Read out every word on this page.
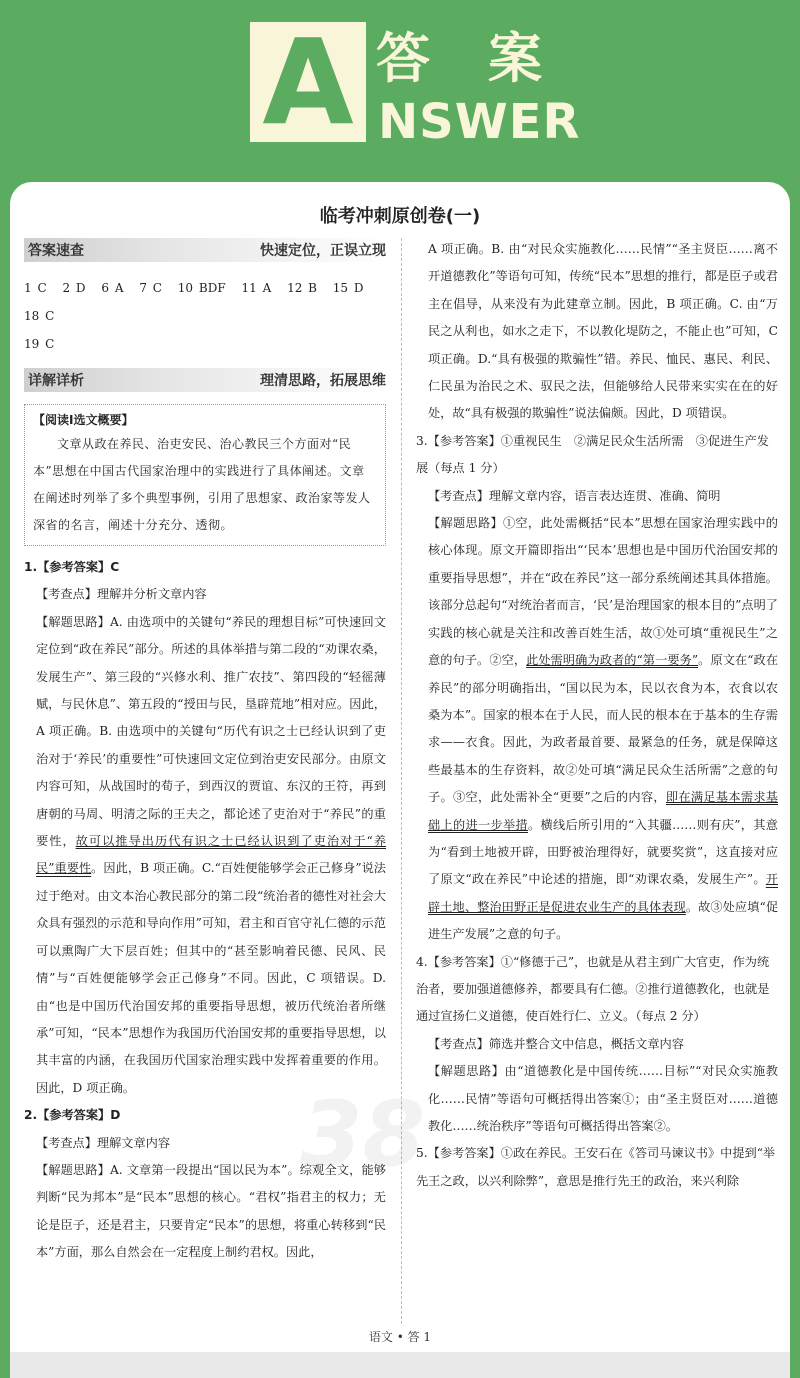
A 答案
NSWER
临考冲刺原创卷(一)
答案速查	快速定位，正误立现
1 C 2 D 6 A 7 C 10 BDF 11 A 12 B 15 D 18 C
19 C
详解详析	理清思路，拓展思维
【阅读Ⅰ选文概要】
文章从政在养民、治吏安民、治心教民三个方面对“民本”思想在中国古代国家治理中的实践进行了具体阐述。文章在阐述时列举了多个典型事例，引用了思想家、政治家等发人深省的名言，阐述十分充分、透彻。
1.【参考答案】C
【考查点】理解并分析文章内容
【解题思路】A. 由选项中的关键句“养民的理想目标”可快速回文定位到“政在养民”部分。所述的具体举措与第二段的“劝课农桑，发展生产”、第三段的“兴修水利、推广农技”、第四段的“轻徭薄赋，与民休息”、第五段的“授田与民，垦辟荒地”相对应。因此，A 项正确。B. 由选项中的关键句“历代有识之士已经认识到了吏治对于‘养民’的重要性”可快速回文定位到治吏安民部分。由原文内容可知，从战国时的荀子，到西汉的贾谊、东汉的王符，再到唐朝的马周、明清之际的王夫之，都论述了吏治对于“养民”的重要性，故可以推导出历代有识之士已经认识到了吏治对于“养民”重要性。因此，B 项正确。C.“百姓便能够学会正己修身”说法过于绝对。由文本治心教民部分的第二段“统治者的德性对社会大众具有强烈的示范和导向作用”可知，君主和百官守礼仁德的示范可以熏陶广大下层百姓；但其中的“甚至影响着民德、民风、民情”与“百姓便能够学会正己修身”不同。因此，C 项错误。D. 由“也是中国历代治国安邦的重要指导思想，被历代统治者所继承”可知，“民本”思想作为我国历代治国安邦的重要指导思想，以其丰富的内涵，在我国历代国家治理实践中发挥着重要的作用。因此，D 项正确。
2.【参考答案】D
【考查点】理解文章内容
【解题思路】A. 文章第一段提出“国以民为本”。综观全文，能够判断“民为邦本”是“民本”思想的核心。“君权”指君主的权力；无论是臣子，还是君主，只要肯定“民本”的思想，将重心转移到“民本”方面，那么自然会在一定程度上制约君权。因此，
A 项正确。B. 由“对民众实施教化……民情”“圣主贤臣……离不开道德教化”等语句可知，传统“民本”思想的推行，都是臣子或君主在倡导，从来没有为此建章立制。因此，B 项正确。C. 由“万民之从利也，如水之走下，不以教化堤防之，不能止也”可知，C 项正确。D.“具有极强的欺骗性”错。养民、恤民、惠民、利民、仁民虽为治民之术、驭民之法，但能够给人民带来实实在在的好处，故“具有极强的欺骗性”说法偏颇。因此，D 项错误。
3.【参考答案】①重视民生　②满足民众生活所需　③促进生产发展（每点 1 分）
【考查点】理解文章内容，语言表达连贯、准确、简明
【解题思路】①空，此处需概括“民本”思想在国家治理实践中的核心体现。原文开篇即指出“‘民本’思想也是中国历代治国安邦的重要指导思想”，并在“政在养民”这一部分系统阐述其具体措施。该部分总起句“对统治者而言，‘民’是治理国家的根本目的”点明了实践的核心就是关注和改善百姓生活，故①处可填“重视民生”之意的句子。②空，此处需明确为政者的“第一要务”。原文在“政在养民”的部分明确指出，“国以民为本，民以衣食为本，衣食以农桑为本”。国家的根本在于人民，而人民的根本在于基本的生存需求——衣食。因此，为政者最首要、最紧急的任务，就是保障这些最基本的生存资料，故②处可填“满足民众生活所需”之意的句子。③空，此处需补全“更要”之后的内容，即在满足基本需求基础上的进一步举措。横线后所引用的“入其疆……则有庆”，其意为“看到土地被开辟，田野被治理得好，就要奖赏”，这直接对应了原文“政在养民”中论述的措施，即“劝课农桑，发展生产”。开辟土地、整治田野正是促进农业生产的具体表现。故③处应填“促进生产发展”之意的句子。
4.【参考答案】①“修德于己”，也就是从君主到广大官吏，作为统治者，要加强道德修养，都要具有仁德。②推行道德教化，也就是通过宣扬仁义道德，使百姓行仁、立义。（每点 2 分）
【考查点】筛选并整合文中信息，概括文章内容
【解题思路】由“道德教化是中国传统……目标”“对民众实施教化……民情”等语句可概括得出答案①；由“圣主贤臣对……道德教化……统治秩序”等语句可概括得出答案②。
5.【参考答案】①政在养民。王安石在《答司马谏议书》中提到“举先王之政，以兴利除弊”，意思是推行先王的政治，来兴利除
38
语文 • 答 1
